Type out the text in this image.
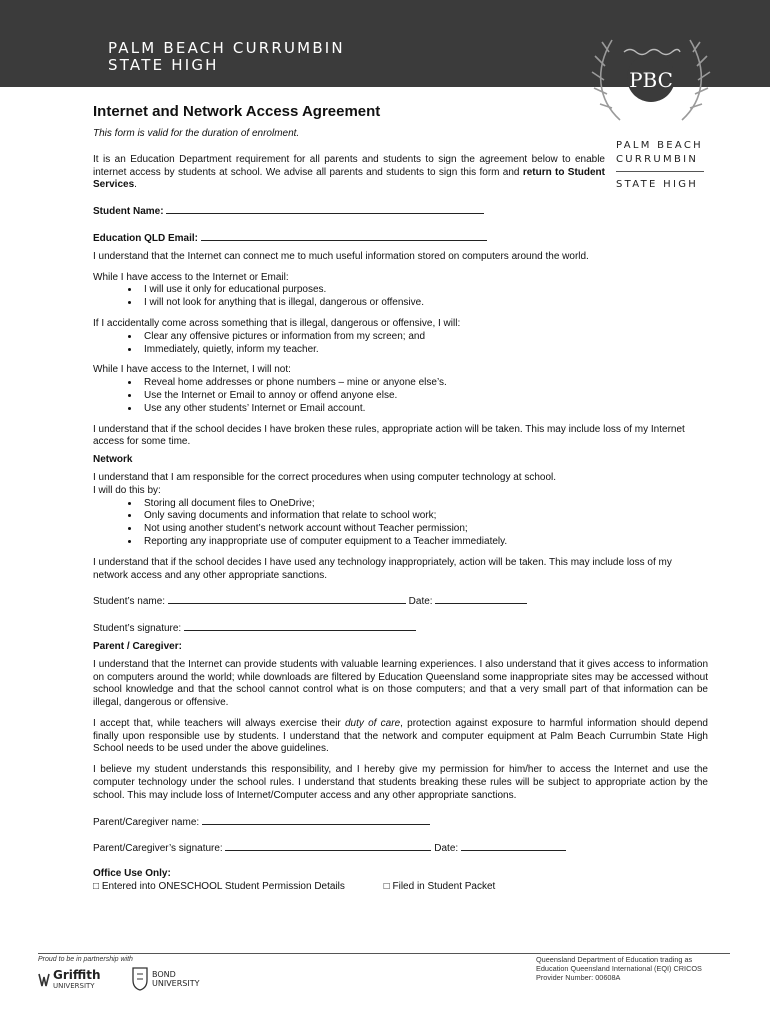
PALM BEACH CURRUMBIN
STATE HIGH
PBC
PALM BEACH
CURRUMBIN
STATE HIGH
Internet and Network Access Agreement

This form is valid for the duration of enrolment.

It is an Education Department requirement for all parents and students to sign the agreement below to enable internet access by students at school. We advise all parents and students to sign this form and return to Student Services.

Student Name:

Education QLD Email:

I understand that the Internet can connect me to much useful information stored on computers around the world.

While I have access to the Internet or Email:

• I will use it only for educational purposes.
• I will not look for anything that is illegal, dangerous or offensive.

If I accidentally come across something that is illegal, dangerous or offensive, I will:

• Clear any offensive pictures or information from my screen; and
• Immediately, quietly, inform my teacher.

While I have access to the Internet, I will not:

• Reveal home addresses or phone numbers – mine or anyone else’s.
• Use the Internet or Email to annoy or offend anyone else.
• Use any other students’ Internet or Email account.

I understand that if the school decides I have broken these rules, appropriate action will be taken. This may include loss of my Internet access for some time.

Network

I understand that I am responsible for the correct procedures when using computer technology at school.

I will do this by:

• Storing all document files to OneDrive;
• Only saving documents and information that relate to school work;
• Not using another student’s network account without Teacher permission;
• Reporting any inappropriate use of computer equipment to a Teacher immediately.

I understand that if the school decides I have used any technology inappropriately, action will be taken. This may include loss of my network access and any other appropriate sanctions.

Student’s name:	Date:

Student’s signature:

Parent / Caregiver:

I understand that the Internet can provide students with valuable learning experiences. I also understand that it gives access to information on computers around the world; while downloads are filtered by Education Queensland some inappropriate sites may be accessed without school knowledge and that the school cannot control what is on those computers; and that a very small part of that information can be illegal, dangerous or offensive.

I accept that, while teachers will always exercise their duty of care, protection against exposure to harmful information should depend finally upon responsible use by students. I understand that the network and computer equipment at Palm Beach Currumbin State High School needs to be used under the above guidelines.

I believe my student understands this responsibility, and I hereby give my permission for him/her to access the Internet and use the computer technology under the school rules. I understand that students breaking these rules will be subject to appropriate action by the school. This may include loss of Internet/Computer access and any other appropriate sanctions.

Parent/Caregiver name:

Parent/Caregiver’s signature:	Date:

Office Use Only:

□ Entered into ONESCHOOL Student Permission Details	□ Filed in Student Packet

Proud to be in partnership with
Griffith
UNIVERSITY
BOND
UNIVERSITY
Queensland Department of Education trading as
Education Queensland International (EQI) CRICOS
Provider Number: 00608A
